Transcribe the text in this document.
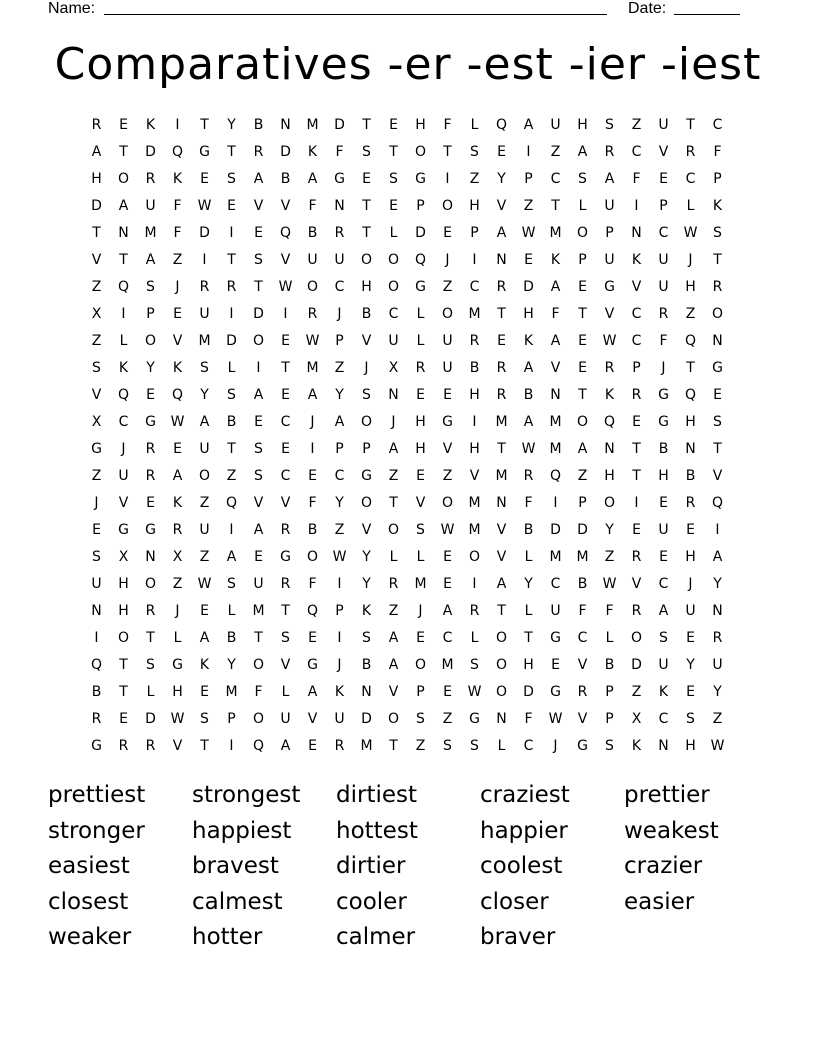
Name:	Date:
Comparatives -er -est -ier -iest
R	E	K	I	T	Y	B	N	M	D	T	E	H	F	L	Q	A	U	H	S	Z	U	T	C
A	T	D	Q	G	T	R	D	K	F	S	T	O	T	S	E	I	Z	A	R	C	V	R	F
H	O	R	K	E	S	A	B	A	G	E	S	G	I	Z	Y	P	C	S	A	F	E	C	P
D	A	U	F	W	E	V	V	F	N	T	E	P	O	H	V	Z	T	L	U	I	P	L	K
T	N	M	F	D	I	E	Q	B	R	T	L	D	E	P	A	W	M	O	P	N	C	W	S
V	T	A	Z	I	T	S	V	U	U	O	O	Q	J	I	N	E	K	P	U	K	U	J	T
Z	Q	S	J	R	R	T	W	O	C	H	O	G	Z	C	R	D	A	E	G	V	U	H	R
X	I	P	E	U	I	D	I	R	J	B	C	L	O	M	T	H	F	T	V	C	R	Z	O
Z	L	O	V	M	D	O	E	W	P	V	U	L	U	R	E	K	A	E	W	C	F	Q	N
S	K	Y	K	S	L	I	T	M	Z	J	X	R	U	B	R	A	V	E	R	P	J	T	G
V	Q	E	Q	Y	S	A	E	A	Y	S	N	E	E	H	R	B	N	T	K	R	G	Q	E
X	C	G	W	A	B	E	C	J	A	O	J	H	G	I	M	A	M	O	Q	E	G	H	S
G	J	R	E	U	T	S	E	I	P	P	A	H	V	H	T	W	M	A	N	T	B	N	T
Z	U	R	A	O	Z	S	C	E	C	G	Z	E	Z	V	M	R	Q	Z	H	T	H	B	V
J	V	E	K	Z	Q	V	V	F	Y	O	T	V	O	M	N	F	I	P	O	I	E	R	Q
E	G	G	R	U	I	A	R	B	Z	V	O	S	W	M	V	B	D	D	Y	E	U	E	I
S	X	N	X	Z	A	E	G	O	W	Y	L	L	E	O	V	L	M	M	Z	R	E	H	A
U	H	O	Z	W	S	U	R	F	I	Y	R	M	E	I	A	Y	C	B	W	V	C	J	Y
N	H	R	J	E	L	M	T	Q	P	K	Z	J	A	R	T	L	U	F	F	R	A	U	N
I	O	T	L	A	B	T	S	E	I	S	A	E	C	L	O	T	G	C	L	O	S	E	R
Q	T	S	G	K	Y	O	V	G	J	B	A	O	M	S	O	H	E	V	B	D	U	Y	U
B	T	L	H	E	M	F	L	A	K	N	V	P	E	W	O	D	G	R	P	Z	K	E	Y
R	E	D	W	S	P	O	U	V	U	D	O	S	Z	G	N	F	W	V	P	X	C	S	Z
G	R	R	V	T	I	Q	A	E	R	M	T	Z	S	S	L	C	J	G	S	K	N	H	W
prettiest	strongest	dirtiest	craziest	prettier
stronger	happiest	hottest	happier	weakest
easiest	bravest	dirtier	coolest	crazier
closest	calmest	cooler	closer	easier
weaker	hotter	calmer	braver
